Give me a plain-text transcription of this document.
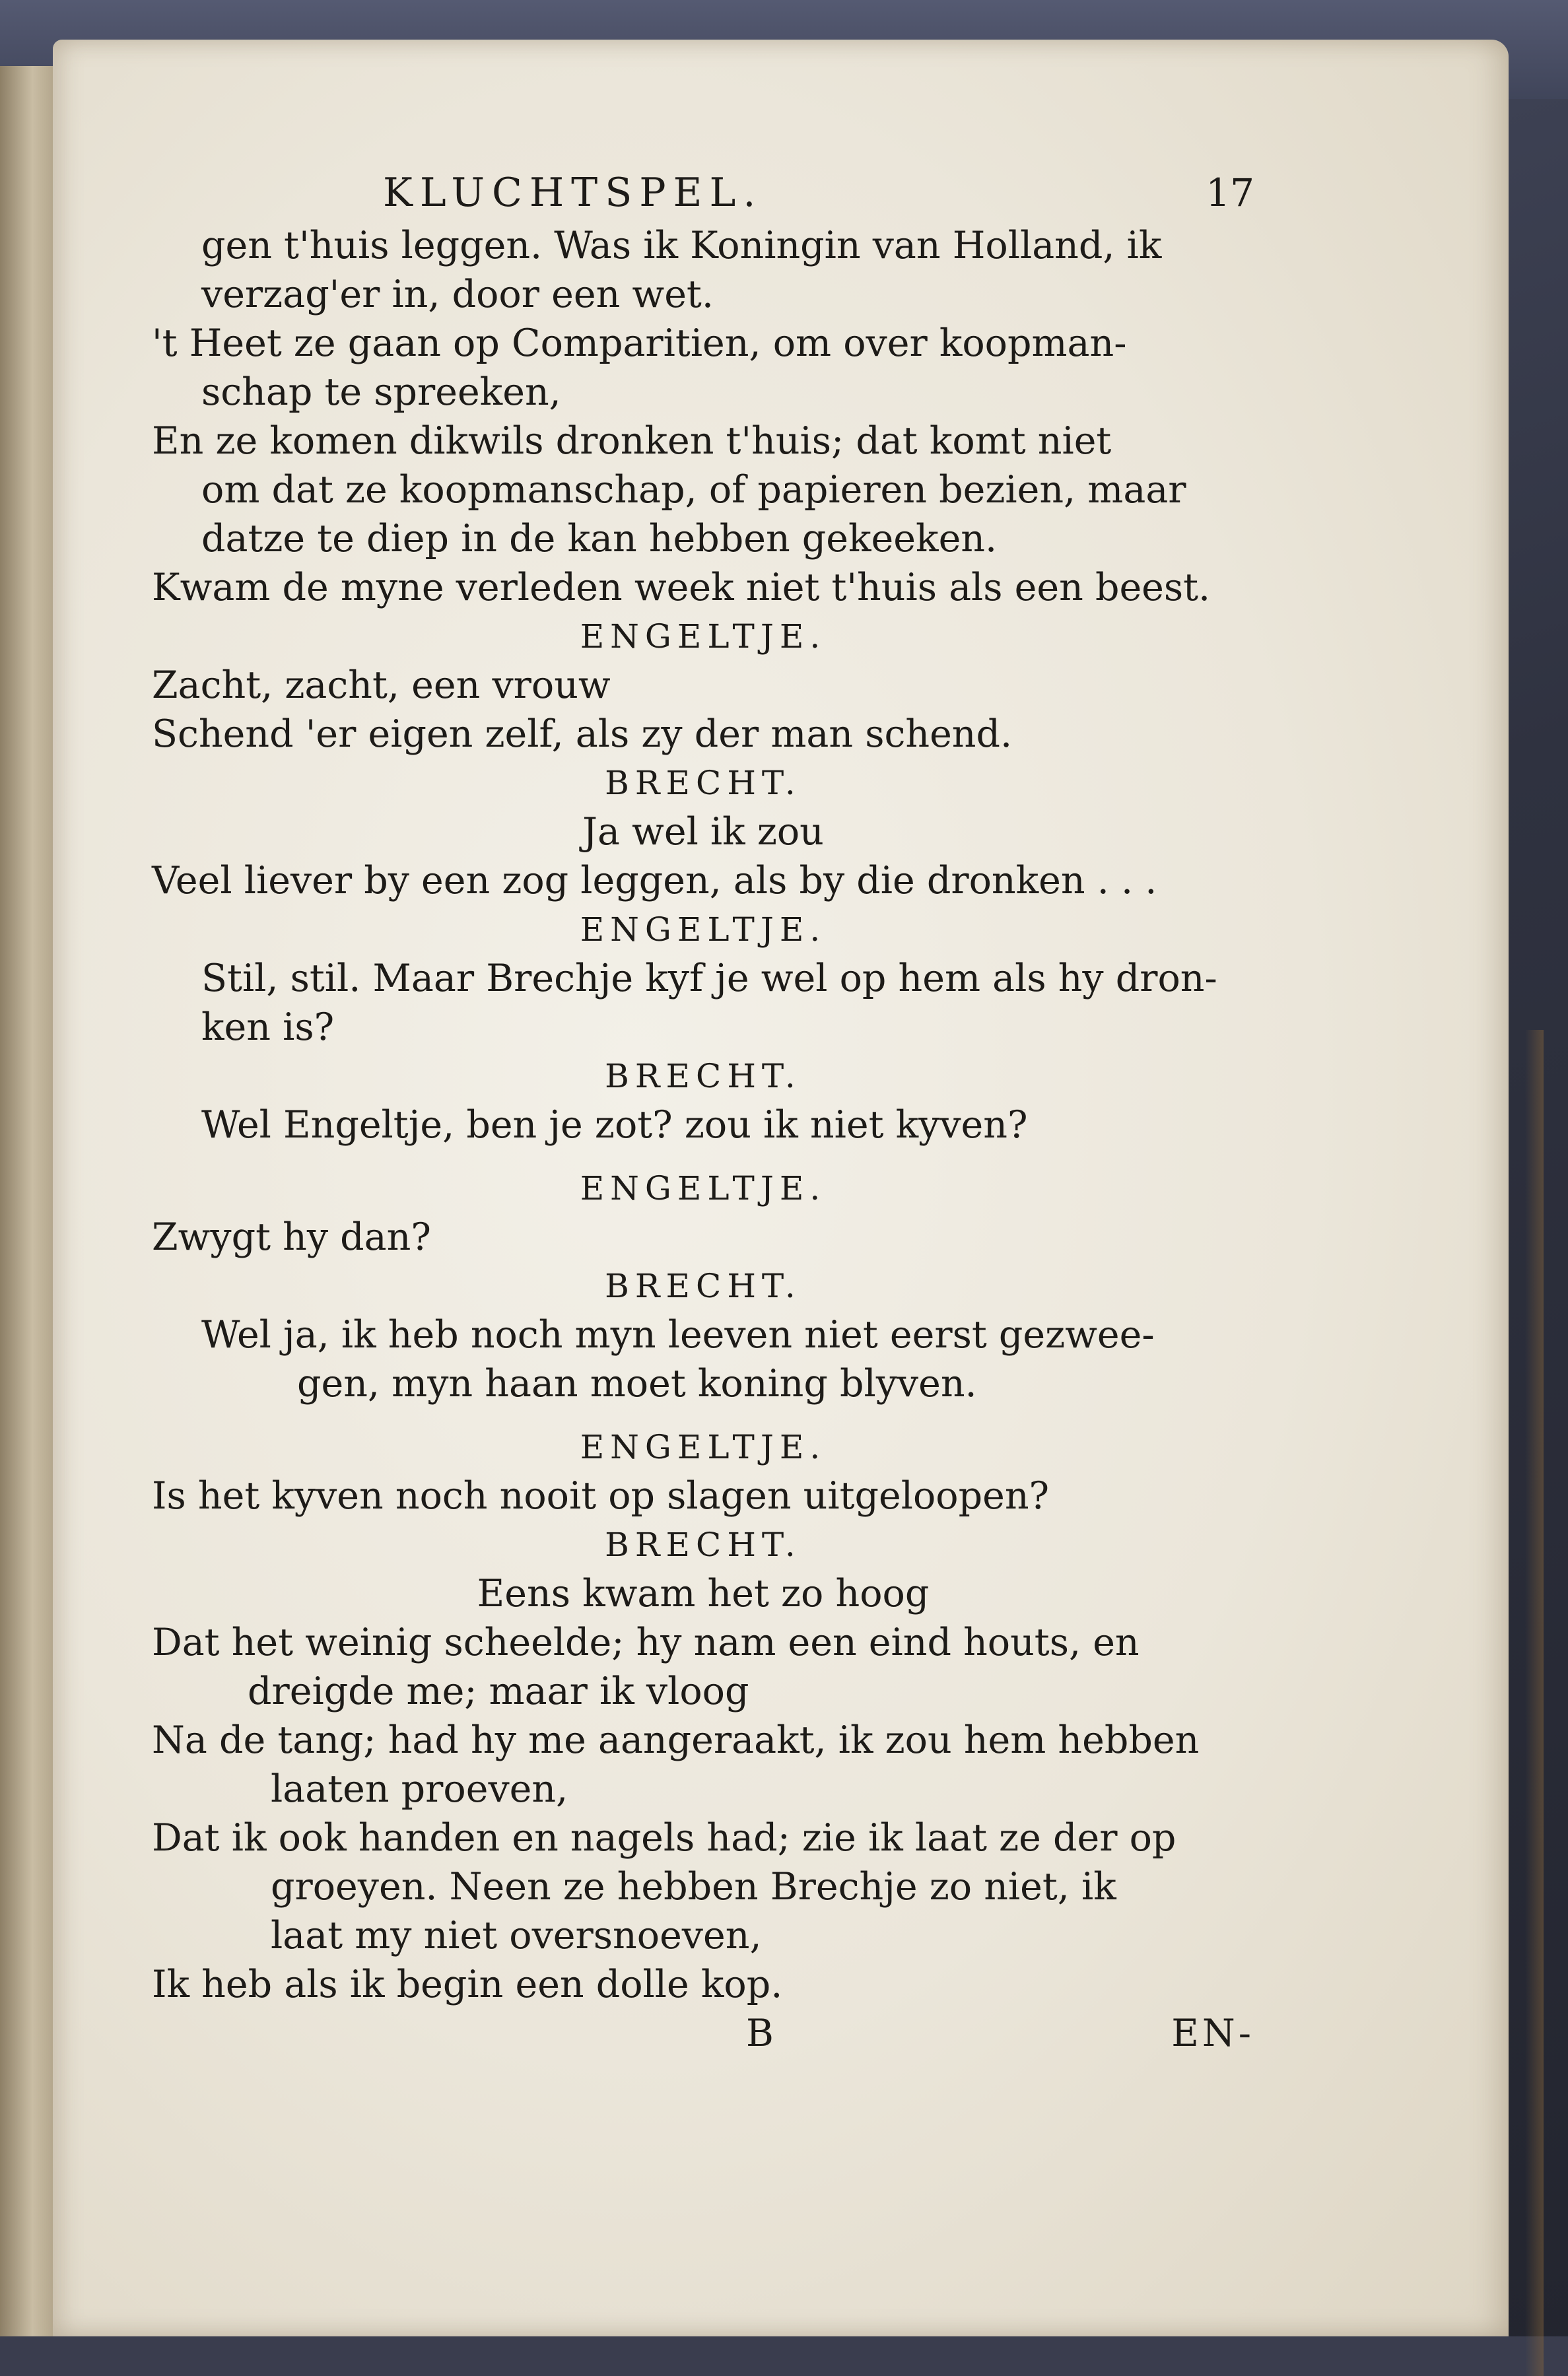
KLUCHTSPEL.	17
gen t'huis leggen. Was ik Koningin van Holland, ik
verzag'er in, door een wet.
't Heet ze gaan op Comparitien, om over koopman-
schap te spreeken,
En ze komen dikwils dronken t'huis; dat komt niet
om dat ze koopmanschap, of papieren bezien, maar
datze te diep in de kan hebben gekeeken.
Kwam de myne verleden week niet t'huis als een beest.
ENGELTJE.
Zacht, zacht, een vrouw
Schend 'er eigen zelf, als zy der man schend.
BRECHT.
Ja wel ik zou
Veel liever by een zog leggen, als by die dronken . . .
ENGELTJE.
Stil, stil. Maar Brechje kyf je wel op hem als hy dron-
ken is?
BRECHT.
Wel Engeltje, ben je zot? zou ik niet kyven?
ENGELTJE.
Zwygt hy dan?
BRECHT.
Wel ja, ik heb noch myn leeven niet eerst gezwee-
gen, myn haan moet koning blyven.
ENGELTJE.
Is het kyven noch nooit op slagen uitgeloopen?
BRECHT.
Eens kwam het zo hoog
Dat het weinig scheelde; hy nam een eind houts, en
dreigde me; maar ik vloog
Na de tang; had hy me aangeraakt, ik zou hem hebben
laaten proeven,
Dat ik ook handen en nagels had; zie ik laat ze der op
groeyen. Neen ze hebben Brechje zo niet, ik
laat my niet oversnoeven,
Ik heb als ik begin een dolle kop.
B	EN-
